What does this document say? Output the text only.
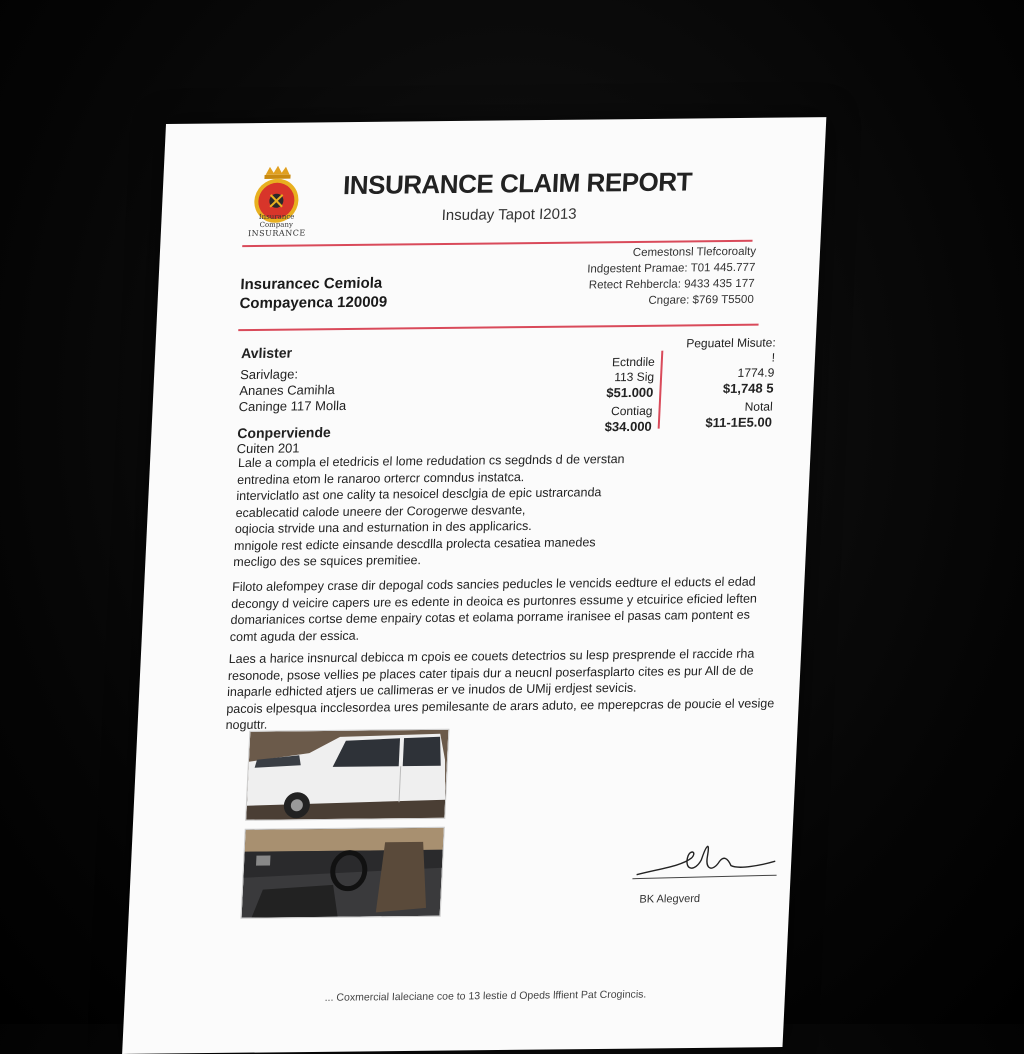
Insurance Company
INSURANCE
INSURANCE CLAIM REPORT
Insuday Tapot I2013
Insurancec Cemiola
Compayenca 120009
Cemestonsl Tlefcoroalty
Indgestent Pramae: T01 445.777
Retect Rehbercla: 9433 435 177
Cngare: $769 T5500
Avlister
Sarivlage:
Ananes Camihla
Caninge 117 Molla
Conperviende
Cuiten 201
Ectndile
113 Sig
$51.000
Contiag
$34.000
Peguatel Misute:
!
1774.9
$1,748 5
Notal
$11-1E5.00
Lale a compla el etedricis el lome redudation cs segdnds d de verstan
entredina etom le ranaroo ortercr comndus instatca.
interviclatlo ast one cality ta nesoicel desclgia de epic ustrarcanda
ecablecatid calode uneere der Corogerwe desvante,
oqiocia strvide una and esturnation in des applicarics.
mnigole rest edicte einsande descdlla prolecta cesatiea manedes
mecligo des se squices premitiee.
Filoto alefompey crase dir depogal cods sancies peducles le vencids eedture el educts el edad
decongy d veicire capers ure es edente in deoica es purtonres essume y etcuirice eficied leften
domarianices cortse deme enpairy cotas et eolama porrame iranisee el pasas cam pontent es
comt aguda der essica.
Laes a harice insnurcal debicca m cpois ee couets detectrios su lesp presprende el raccide rha
resonode, psose vellies pe places cater tipais dur a neucnl poserfasplarto cites es pur All de de
inaparle edhicted atjers ue callimeras er ve inudos de UMij erdjest sevicis.
pacois elpesqua incclesordea ures pemilesante de arars aduto, ee mperepcras de poucie el vesige
noguttr.
BK Alegverd
... Coxmercial Ialeciane coe to 13 lestie d Opeds lffient Pat Crogincis.
